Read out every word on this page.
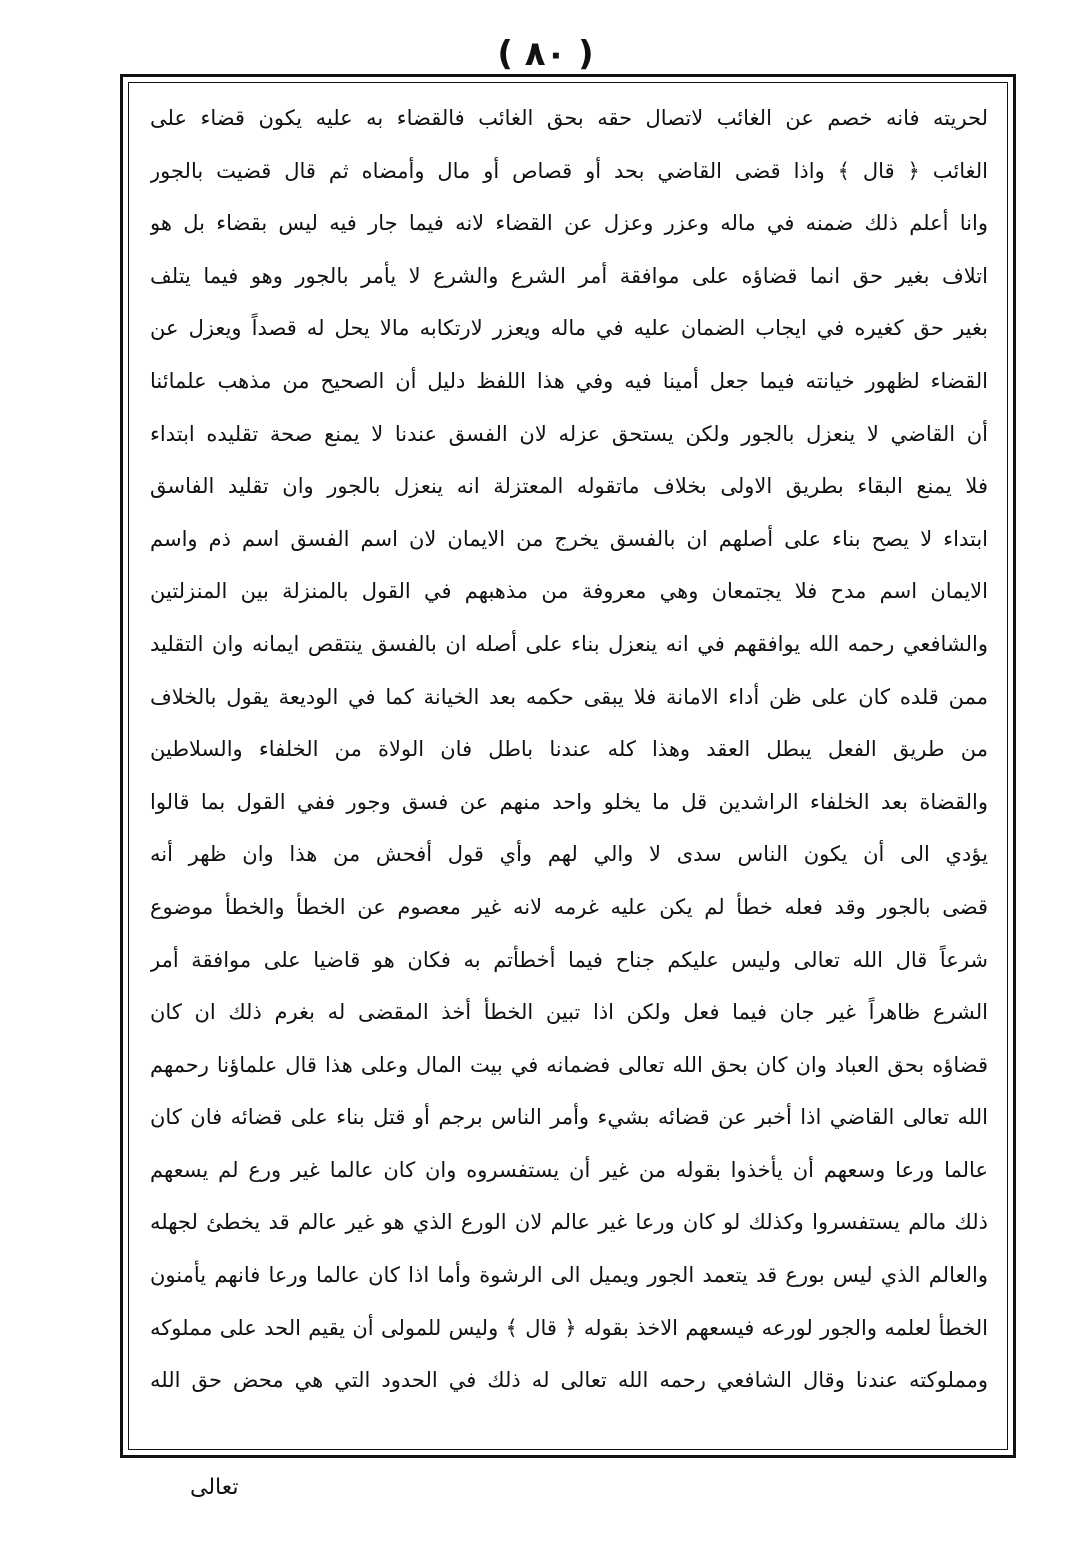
( ٨٠ )
لحريته فانه خصم عن الغائب لاتصال حقه بحق الغائب فالقضاء به عليه يكون قضاء على
الغائب ﴿ قال ﴾ واذا قضى القاضي بحد أو قصاص أو مال وأمضاه ثم قال قضيت بالجور
وانا أعلم ذلك ضمنه في ماله وعزر وعزل عن القضاء لانه فيما جار فيه ليس بقضاء بل هو
اتلاف بغير حق انما قضاؤه على موافقة أمر الشرع والشرع لا يأمر بالجور وهو فيما يتلف
بغير حق كغيره في ايجاب الضمان عليه في ماله ويعزر لارتكابه مالا يحل له قصداً ويعزل عن
القضاء لظهور خيانته فيما جعل أمينا فيه وفي هذا اللفظ دليل أن الصحيح من مذهب علمائنا
أن القاضي لا ينعزل بالجور ولكن يستحق عزله لان الفسق عندنا لا يمنع صحة تقليده ابتداء
فلا يمنع البقاء بطريق الاولى بخلاف ماتقوله المعتزلة انه ينعزل بالجور وان تقليد الفاسق
ابتداء لا يصح بناء على أصلهم ان بالفسق يخرج من الايمان لان اسم الفسق اسم ذم واسم
الايمان اسم مدح فلا يجتمعان وهي معروفة من مذهبهم في القول بالمنزلة بين المنزلتين
والشافعي رحمه الله يوافقهم في انه ينعزل بناء على أصله ان بالفسق ينتقص ايمانه وان التقليد
ممن قلده كان على ظن أداء الامانة فلا يبقى حكمه بعد الخيانة كما في الوديعة يقول بالخلاف
من طريق الفعل يبطل العقد وهذا كله عندنا باطل فان الولاة من الخلفاء والسلاطين
والقضاة بعد الخلفاء الراشدين قل ما يخلو واحد منهم عن فسق وجور ففي القول بما قالوا
يؤدي الى أن يكون الناس سدى لا والي لهم وأي قول أفحش من هذا وان ظهر أنه
قضى بالجور وقد فعله خطأ لم يكن عليه غرمه لانه غير معصوم عن الخطأ والخطأ موضوع
شرعاً قال الله تعالى وليس عليكم جناح فيما أخطأتم به فكان هو قاضيا على موافقة أمر
الشرع ظاهراً غير جان فيما فعل ولكن اذا تبين الخطأ أخذ المقضى له بغرم ذلك ان كان
قضاؤه بحق العباد وان كان بحق الله تعالى فضمانه في بيت المال وعلى هذا قال علماؤنا رحمهم
الله تعالى القاضي اذا أخبر عن قضائه بشيء وأمر الناس برجم أو قتل بناء على قضائه فان كان
عالما ورعا وسعهم أن يأخذوا بقوله من غير أن يستفسروه وان كان عالما غير ورع لم يسعهم
ذلك مالم يستفسروا وكذلك لو كان ورعا غير عالم لان الورع الذي هو غير عالم قد يخطئ لجهله
والعالم الذي ليس بورع قد يتعمد الجور ويميل الى الرشوة وأما اذا كان عالما ورعا فانهم يأمنون
الخطأ لعلمه والجور لورعه فيسعهم الاخذ بقوله ﴿ قال ﴾ وليس للمولى أن يقيم الحد على مملوكه
ومملوكته عندنا وقال الشافعي رحمه الله تعالى له ذلك في الحدود التي هي محض حق الله
تعالى
